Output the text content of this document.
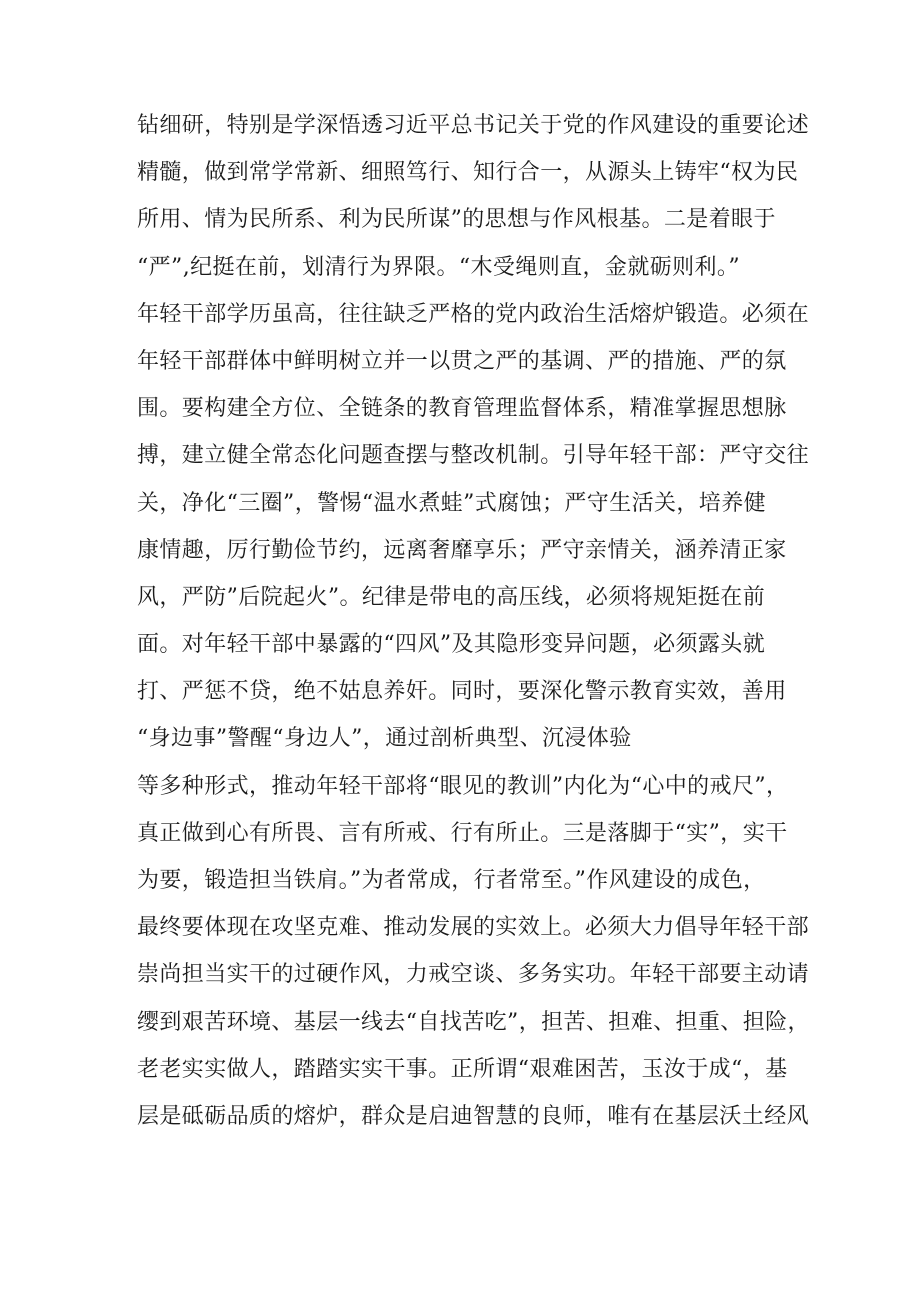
钻细研，特别是学深悟透习近平总书记关于党的作风建设的重要论述
精髓，做到常学常新、细照笃行、知行合一，从源头上铸牢“权为民
所用、情为民所系、利为民所谋”的思想与作风根基。二是着眼于
“严”,纪挺在前，划清行为界限。“木受绳则直，金就砺则利。”
年轻干部学历虽高，往往缺乏严格的党内政治生活熔炉锻造。必须在
年轻干部群体中鲜明树立并一以贯之严的基调、严的措施、严的氛
围。要构建全方位、全链条的教育管理监督体系，精准掌握思想脉
搏，建立健全常态化问题查摆与整改机制。引导年轻干部：严守交往
关，净化“三圈”，警惕“温水煮蛙”式腐蚀；严守生活关，培养健
康情趣，厉行勤俭节约，远离奢靡享乐；严守亲情关，涵养清正家
风，严防”后院起火”。纪律是带电的高压线，必须将规矩挺在前
面。对年轻干部中暴露的“四风”及其隐形变异问题，必须露头就
打、严惩不贷，绝不姑息养奸。同时，要深化警示教育实效，善用
“身边事”警醒“身边人”，通过剖析典型、沉浸体验
等多种形式，推动年轻干部将“眼见的教训”内化为“心中的戒尺”，
真正做到心有所畏、言有所戒、行有所止。三是落脚于“实”，实干
为要，锻造担当铁肩。”为者常成，行者常至。”作风建设的成色，
最终要体现在攻坚克难、推动发展的实效上。必须大力倡导年轻干部
崇尚担当实干的过硬作风，力戒空谈、多务实功。年轻干部要主动请
缨到艰苦环境、基层一线去“自找苦吃”，担苦、担难、担重、担险，
老老实实做人，踏踏实实干事。正所谓“艰难困苦，玉汝于成“，基
层是砥砺品质的熔炉，群众是启迪智慧的良师，唯有在基层沃土经风
